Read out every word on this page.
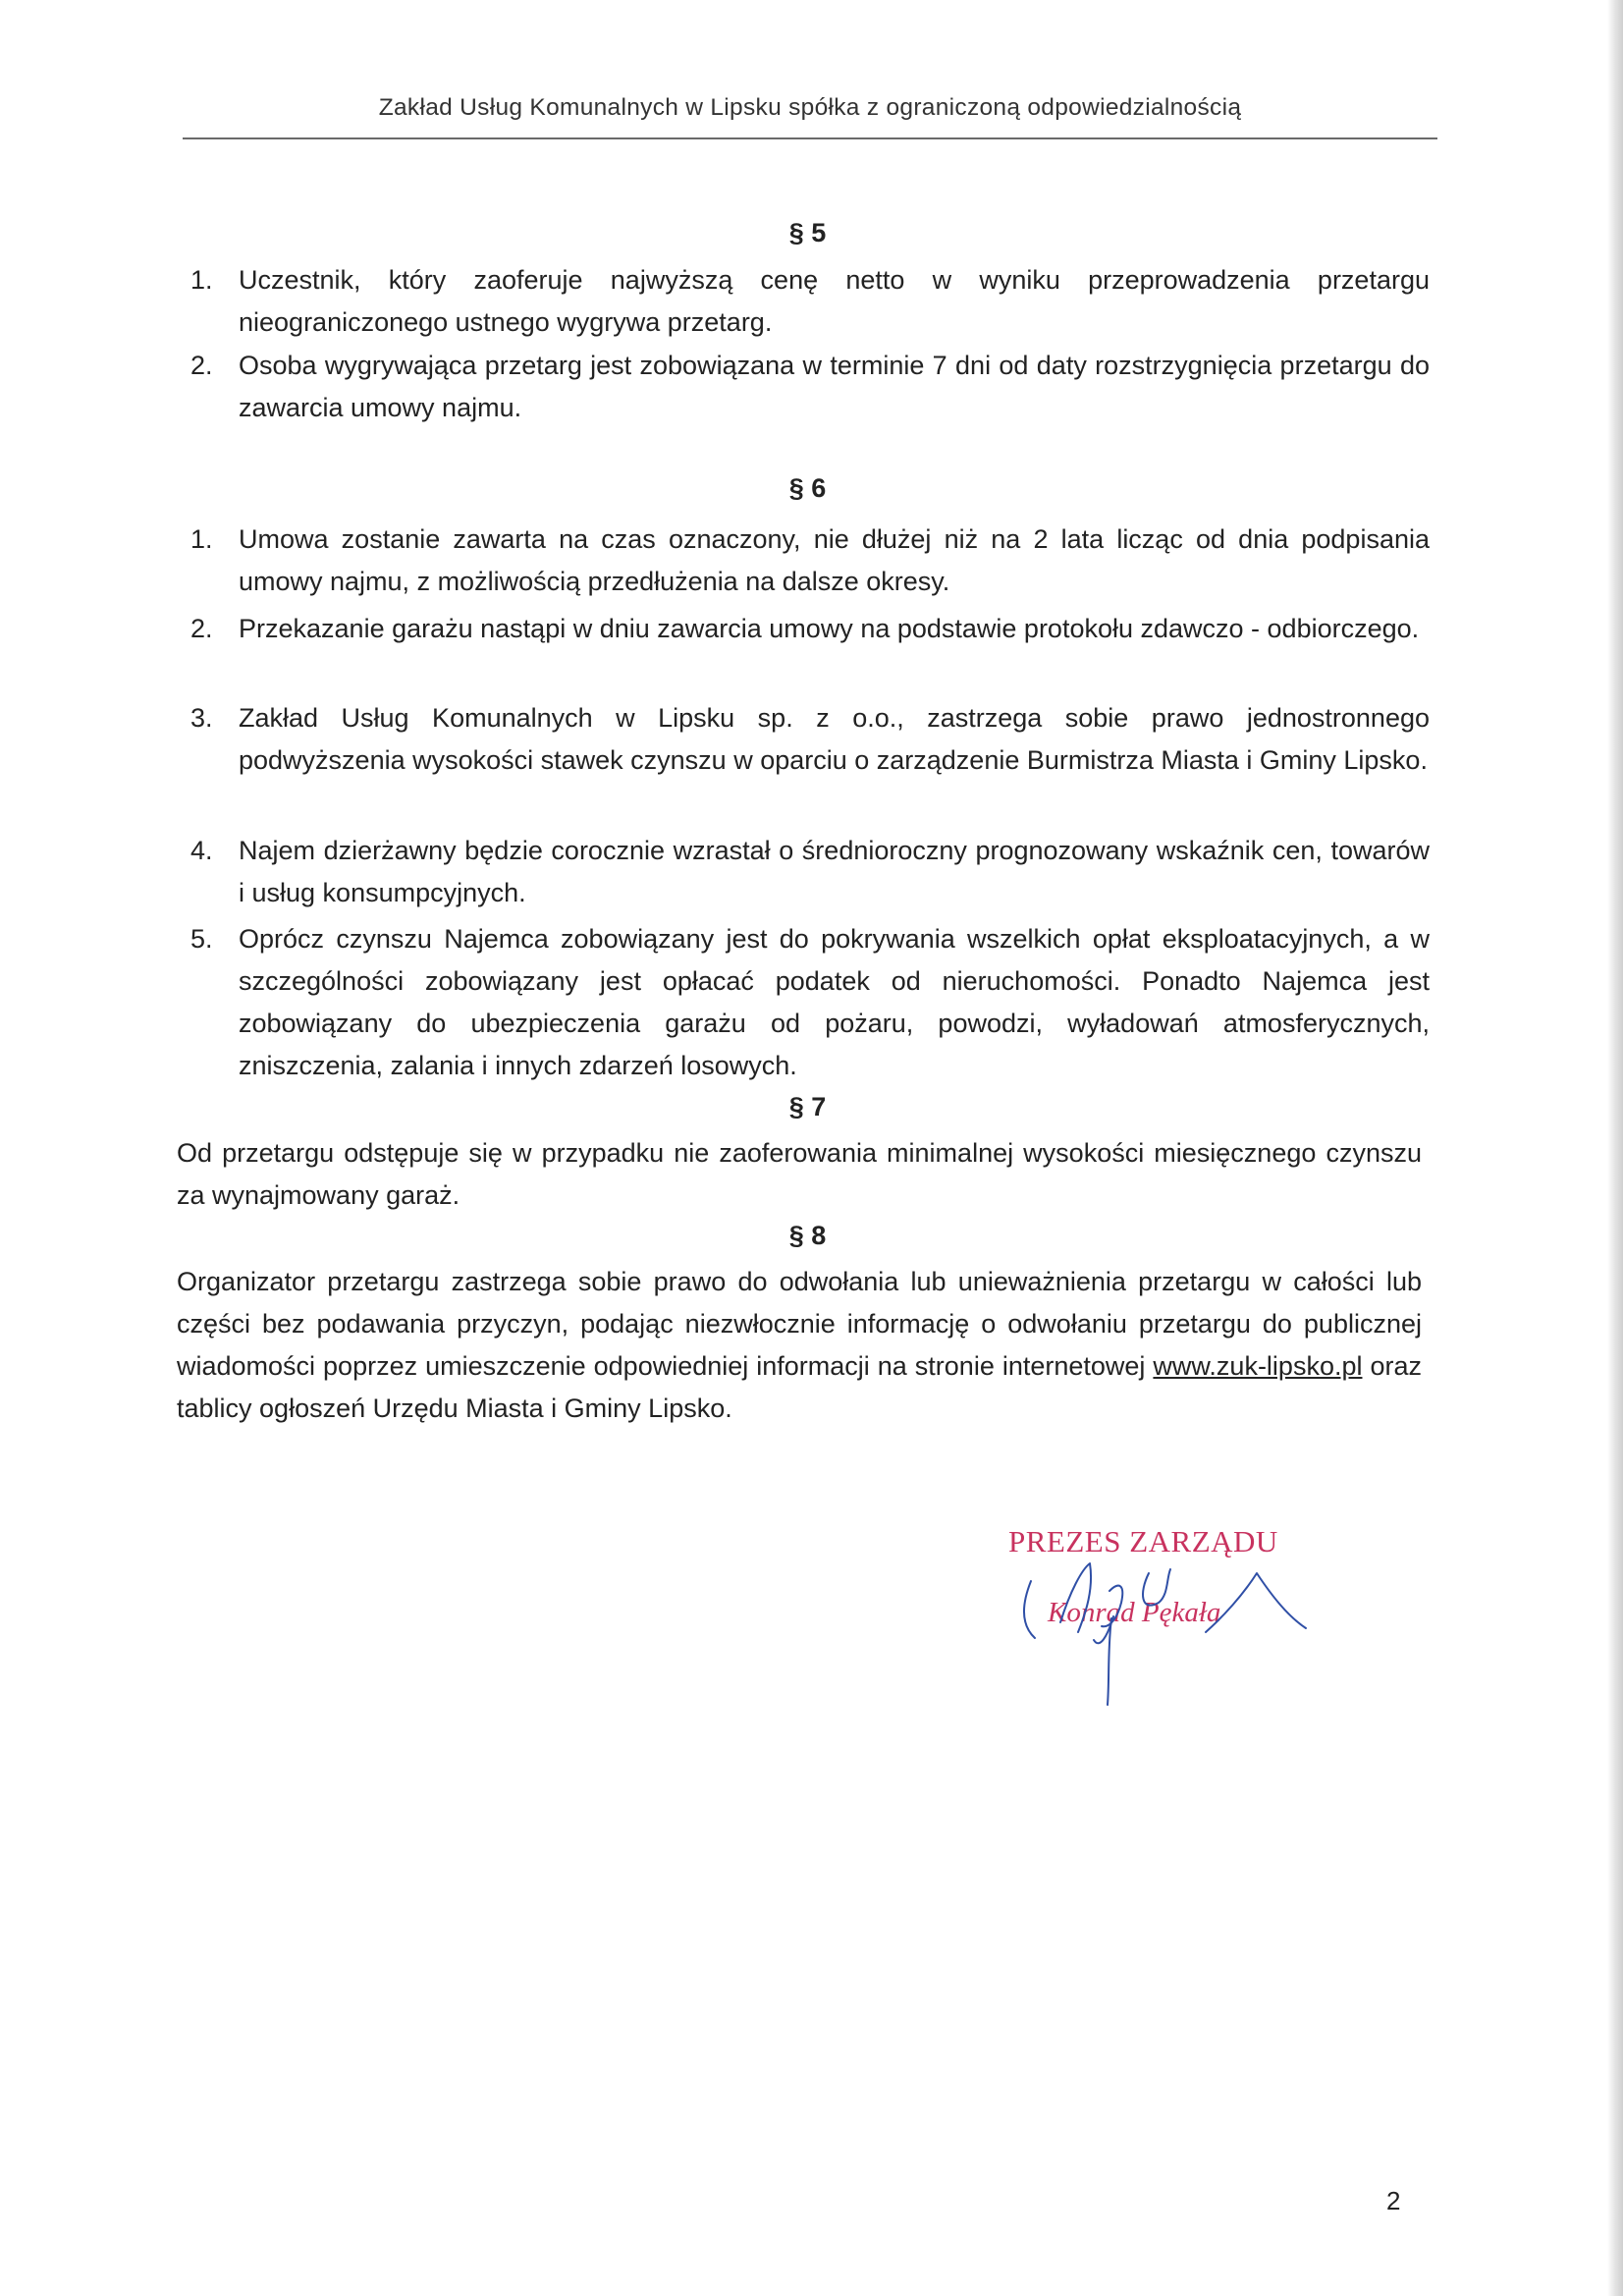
Zakład Usług Komunalnych w Lipsku spółka z ograniczoną odpowiedzialnością
§ 5
1. Uczestnik, który zaoferuje najwyższą cenę netto w wyniku przeprowadzenia przetargu nieograniczonego ustnego wygrywa przetarg.
2. Osoba wygrywająca przetarg jest zobowiązana w terminie 7 dni od daty rozstrzygnięcia przetargu do zawarcia umowy najmu.
§ 6
1. Umowa zostanie zawarta na czas oznaczony, nie dłużej niż na 2 lata licząc od dnia podpisania umowy najmu, z możliwością przedłużenia na dalsze okresy.
2. Przekazanie garażu nastąpi w dniu zawarcia umowy na podstawie protokołu zdawczo - odbiorczego.
3. Zakład Usług Komunalnych w Lipsku sp. z o.o., zastrzega sobie prawo jednostronnego podwyższenia wysokości stawek czynszu w oparciu o zarządzenie Burmistrza Miasta i Gminy Lipsko.
4. Najem dzierżawny będzie corocznie wzrastał o średnioroczny prognozowany wskaźnik cen, towarów i usług konsumpcyjnych.
5. Oprócz czynszu Najemca zobowiązany jest do pokrywania wszelkich opłat eksploatacyjnych, a w szczególności zobowiązany jest opłacać podatek od nieruchomości. Ponadto Najemca jest zobowiązany do ubezpieczenia garażu od pożaru, powodzi, wyładowań atmosferycznych, zniszczenia, zalania i innych zdarzeń losowych.
§ 7
Od przetargu odstępuje się w przypadku nie zaoferowania minimalnej wysokości miesięcznego czynszu za wynajmowany garaż.
§ 8
Organizator przetargu zastrzega sobie prawo do odwołania lub unieważnienia przetargu w całości lub części bez podawania przyczyn, podając niezwłocznie informację o odwołaniu przetargu do publicznej wiadomości poprzez umieszczenie odpowiedniej informacji na stronie internetowej www.zuk-lipsko.pl oraz tablicy ogłoszeń Urzędu Miasta i Gminy Lipsko.
PREZES ZARZĄDU
Konrad Pękała
2
